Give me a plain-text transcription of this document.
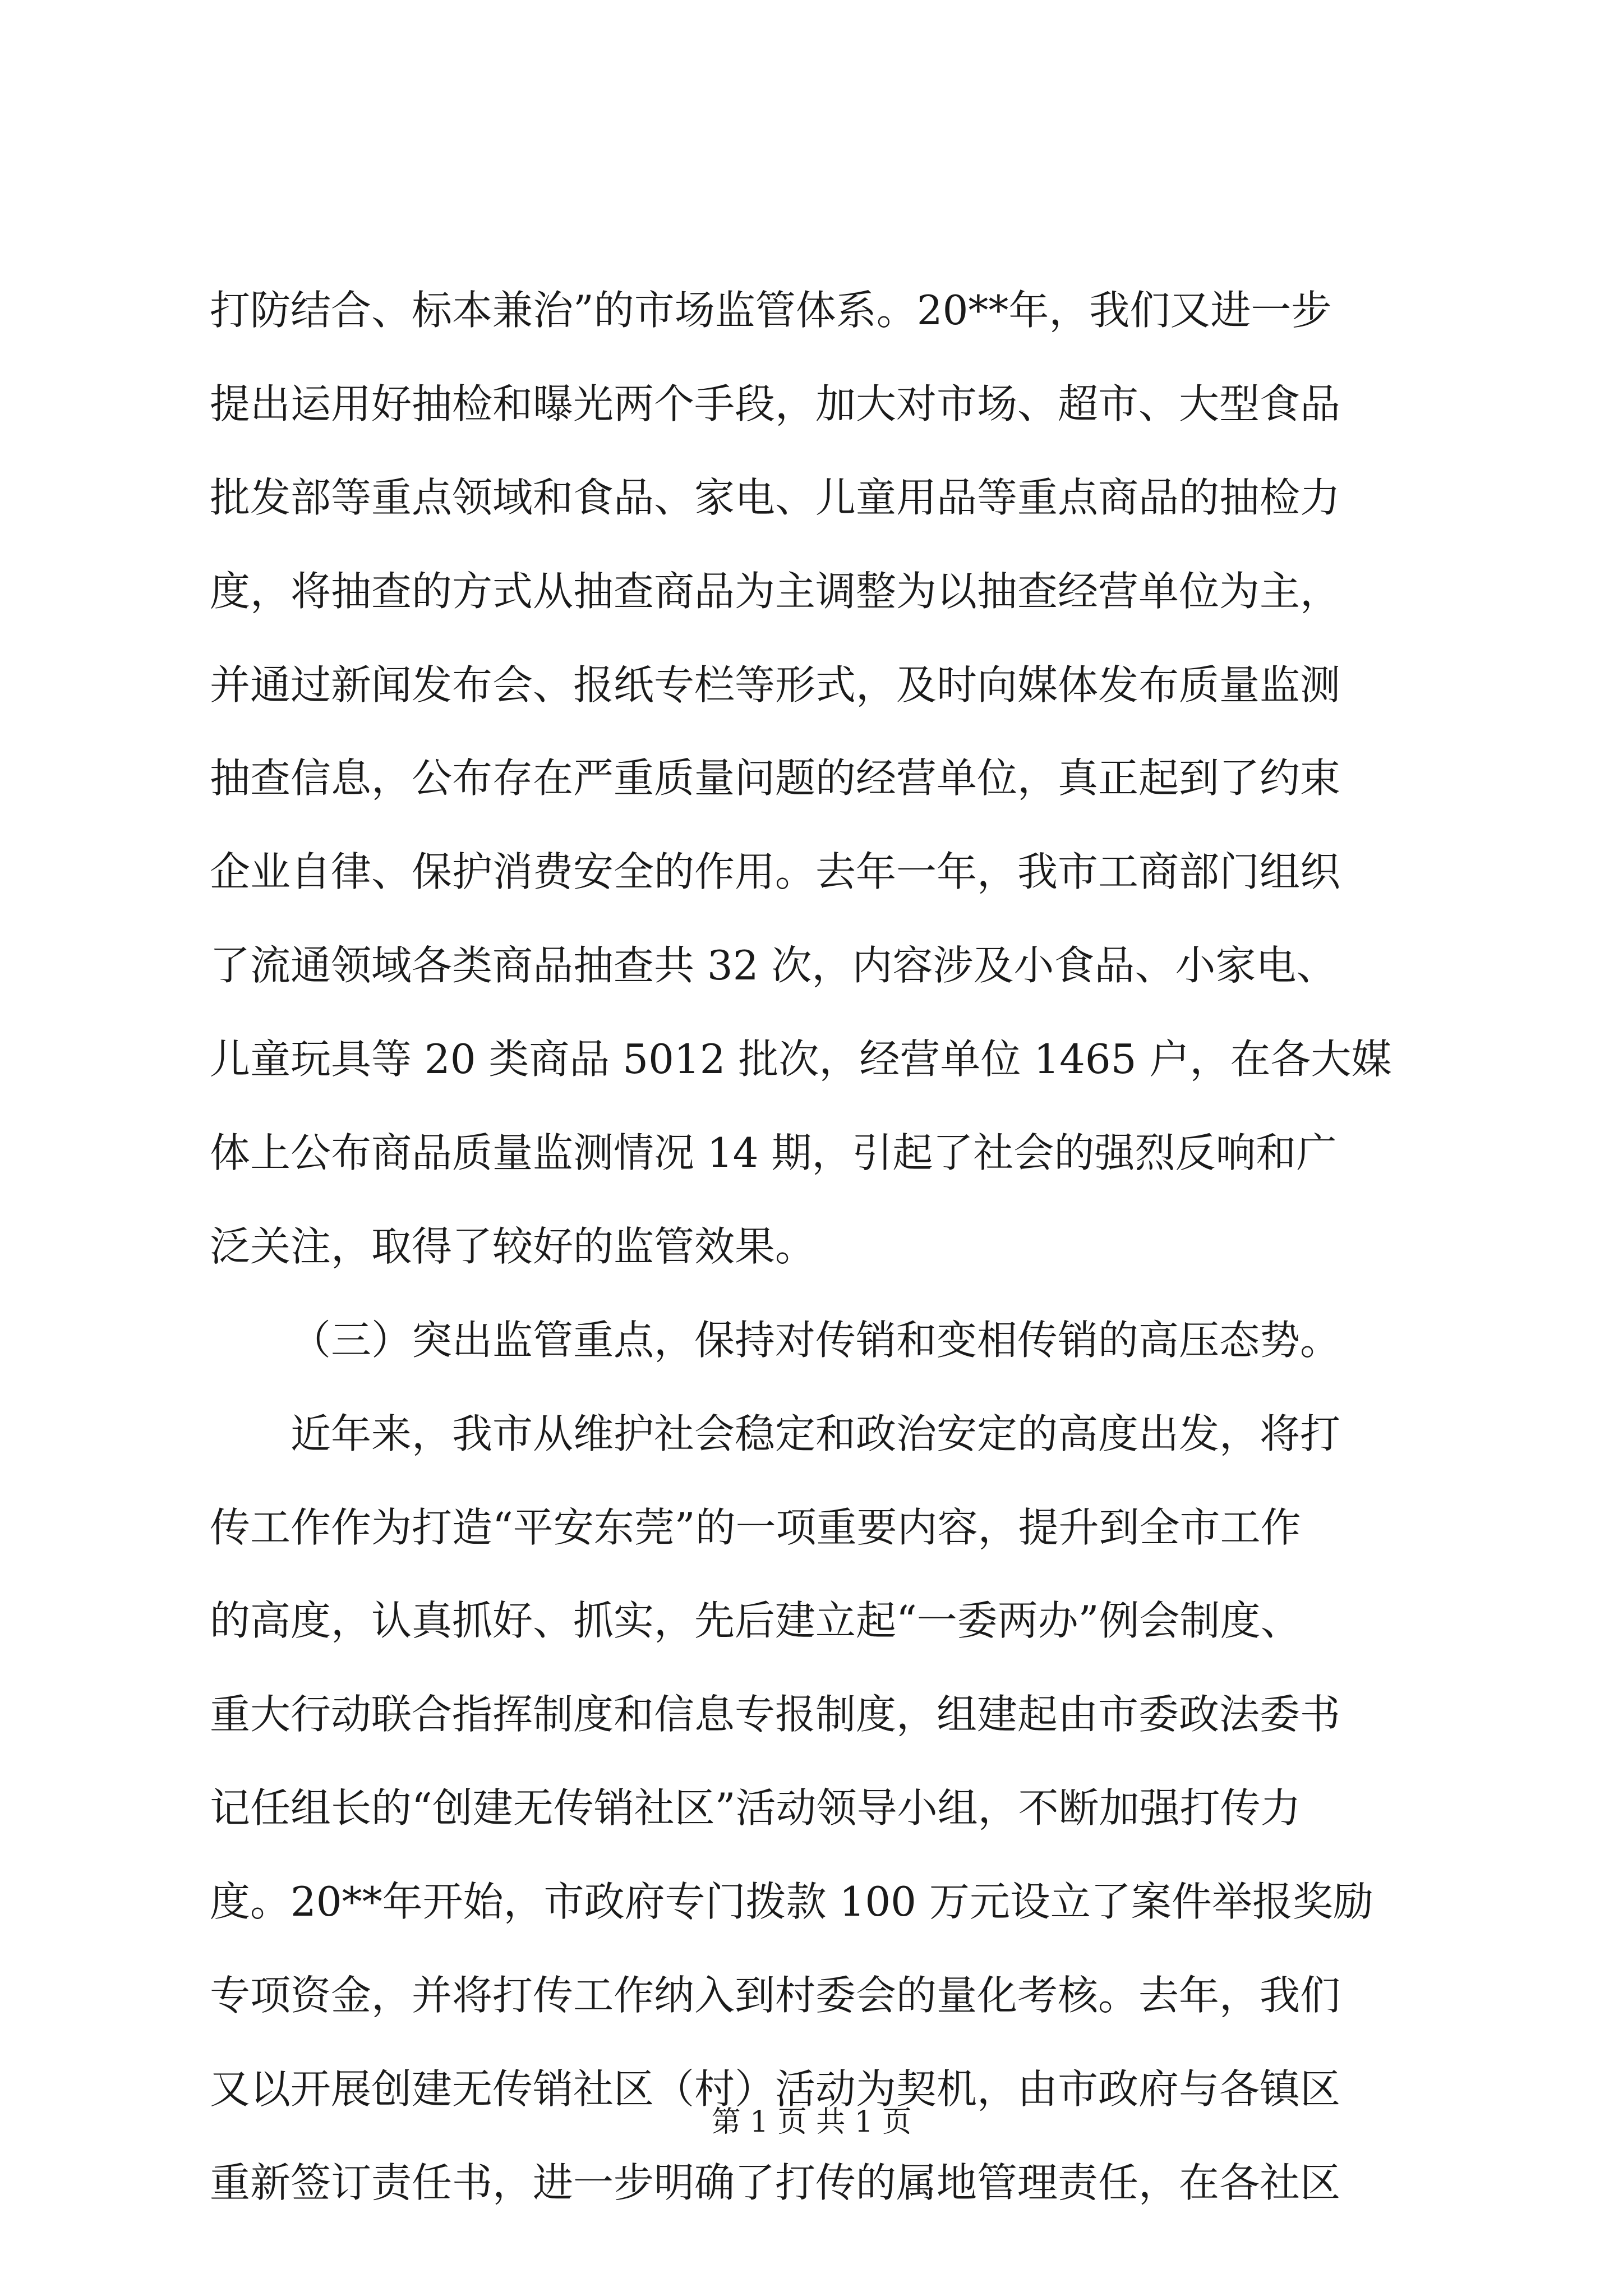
打防结合、标本兼治”的市场监管体系。20**年，我们又进一步
提出运用好抽检和曝光两个手段，加大对市场、超市、大型食品
批发部等重点领域和食品、家电、儿童用品等重点商品的抽检力
度，将抽查的方式从抽查商品为主调整为以抽查经营单位为主，
并通过新闻发布会、报纸专栏等形式，及时向媒体发布质量监测
抽查信息，公布存在严重质量问题的经营单位，真正起到了约束
企业自律、保护消费安全的作用。去年一年，我市工商部门组织
了流通领域各类商品抽查共 32 次，内容涉及小食品、小家电、
儿童玩具等 20 类商品 5012 批次，经营单位 1465 户，在各大媒
体上公布商品质量监测情况 14 期，引起了社会的强烈反响和广
泛关注，取得了较好的监管效果。
（三）突出监管重点，保持对传销和变相传销的高压态势。
近年来，我市从维护社会稳定和政治安定的高度出发，将打
传工作作为打造“平安东莞”的一项重要内容，提升到全市工作
的高度，认真抓好、抓实，先后建立起“一委两办”例会制度、
重大行动联合指挥制度和信息专报制度，组建起由市委政法委书
记任组长的“创建无传销社区”活动领导小组，不断加强打传力
度。20**年开始，市政府专门拨款 100 万元设立了案件举报奖励
专项资金，并将打传工作纳入到村委会的量化考核。去年，我们
又以开展创建无传销社区（村）活动为契机，由市政府与各镇区
重新签订责任书，进一步明确了打传的属地管理责任，在各社区
第 1 页 共 1 页
